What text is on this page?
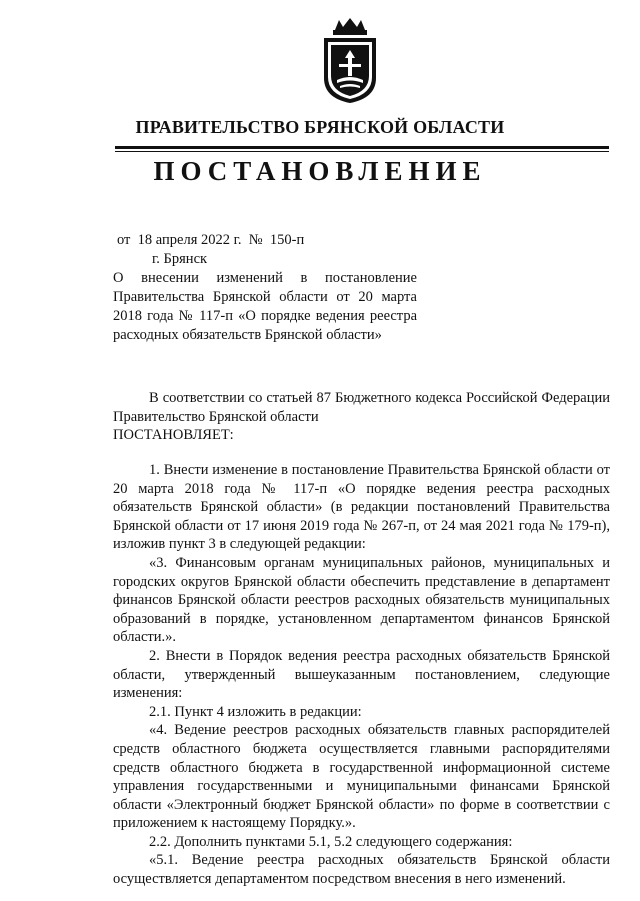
ПРАВИТЕЛЬСТВО БРЯНСКОЙ ОБЛАСТИ
ПОСТАНОВЛЕНИЕ
от  18 апреля 2022 г.  №  150-п
г. Брянск
О внесении изменений в постановление Правительства Брянской области от 20 марта 2018 года № 117-п «О порядке ведения реестра расходных обязательств Брянской области»
В соответствии со статьей 87 Бюджетного кодекса Российской Федерации Правительство Брянской области
ПОСТАНОВЛЯЕТ:

1. Внести изменение в постановление Правительства Брянской области от 20 марта 2018 года № 117-п «О порядке ведения реестра расходных обязательств Брянской области» (в редакции постановлений Правительства Брянской области от 17 июня 2019 года № 267-п, от 24 мая 2021 года № 179-п), изложив пункт 3 в следующей редакции:

«3. Финансовым органам муниципальных районов, муниципальных и городских округов Брянской области обеспечить представление в департамент финансов Брянской области реестров расходных обязательств муниципальных образований в порядке, установленном департаментом финансов Брянской области.».

2. Внести в Порядок ведения реестра расходных обязательств Брянской области, утвержденный вышеуказанным постановлением, следующие изменения:

2.1. Пункт 4 изложить в редакции:

«4. Ведение реестров расходных обязательств главных распорядителей средств областного бюджета осуществляется главными распорядителями средств областного бюджета в государственной информационной системе управления государственными и муниципальными финансами Брянской области «Электронный бюджет Брянской области» по форме в соответствии с приложением к настоящему Порядку.».

2.2. Дополнить пунктами 5.1, 5.2 следующего содержания:

«5.1. Ведение реестра расходных обязательств Брянской области осуществляется департаментом посредством внесения в него изменений.
